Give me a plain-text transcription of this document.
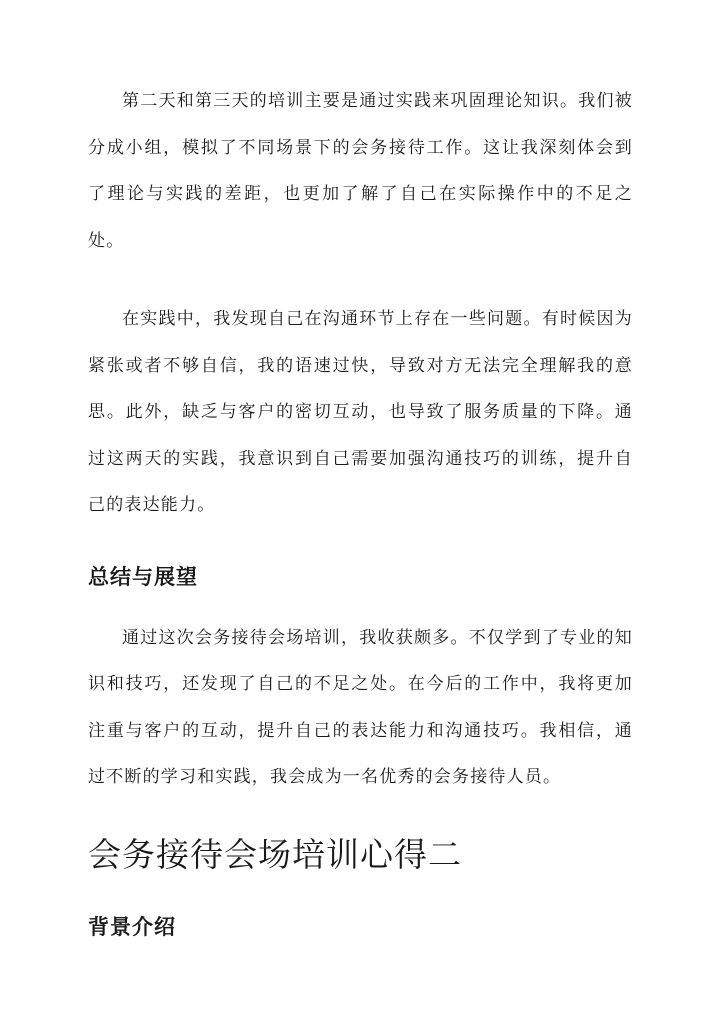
第二天和第三天的培训主要是通过实践来巩固理论知识。我们被分成小组，模拟了不同场景下的会务接待工作。这让我深刻体会到了理论与实践的差距，也更加了解了自己在实际操作中的不足之处。

在实践中，我发现自己在沟通环节上存在一些问题。有时候因为紧张或者不够自信，我的语速过快，导致对方无法完全理解我的意思。此外，缺乏与客户的密切互动，也导致了服务质量的下降。通过这两天的实践，我意识到自己需要加强沟通技巧的训练，提升自己的表达能力。

总结与展望

通过这次会务接待会场培训，我收获颇多。不仅学到了专业的知识和技巧，还发现了自己的不足之处。在今后的工作中，我将更加注重与客户的互动，提升自己的表达能力和沟通技巧。我相信，通过不断的学习和实践，我会成为一名优秀的会务接待人员。

会务接待会场培训心得二
背景介绍
